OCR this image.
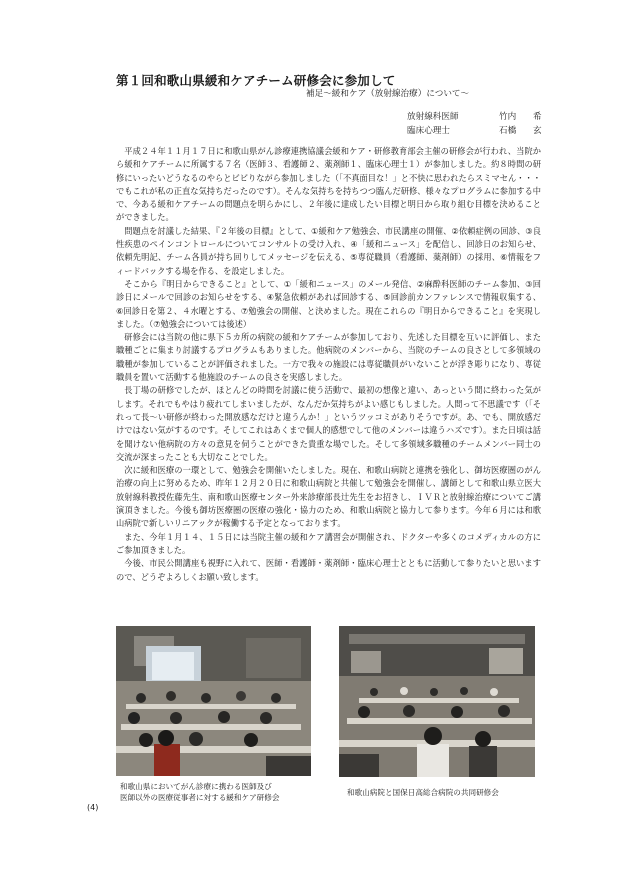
第１回和歌山県緩和ケアチーム研修会に参加して
補足～緩和ケア（放射線治療）について～
放射線科医師	竹内 希
臨床心理士	石橋 玄

平成２４年１１月１７日に和歌山県がん診療連携協議会緩和ケア・研修教育部会主催の研修会が行われ、当院から緩和ケアチームに所属する７名（医師３、看護師２、薬剤師１、臨床心理士１）が参加しました。約８時間の研修にいったいどうなるのやらとビビりながら参加しました（「不真面目な！」と不快に思われたらスミマセん・・・でもこれが私の正直な気持ちだったのです）。そんな気持ちを持ちつつ臨んだ研修、様々なプログラムに参加する中で、今ある緩和ケアチームの問題点を明らかにし、２年後に達成したい目標と明日から取り組む目標を決めることができました。

問題点を討議した結果、『２年後の目標』として、①緩和ケア勉強会、市民講座の開催、②依頼症例の回診、③良性疾患のペインコントロールについてコンサルトの受け入れ、④「緩和ニュース」を配信し、回診日のお知らせ、依頼先明記、チーム各員が持ち回りしてメッセージを伝える、⑤専従職員（看護師、薬剤師）の採用、⑥情報をフィードバックする場を作る、を設定しました。

そこから『明日からできること』として、①「緩和ニュース」のメール発信、②麻酔科医師のチーム参加、③回診日にメールで回診のお知らせをする、④緊急依頼があれば回診する、⑤回診前カンファレンスで情報収集する、⑥回診日を第２、４水曜とする、⑦勉強会の開催、と決めました。現在これらの『明日からできること』を実現しました。（⑦勉強会については後述）

研修会には当院の他に県下５カ所の病院の緩和ケアチームが参加しており、先述した目標を互いに評価し、また職種ごとに集まり討議するプログラムもありました。他病院のメンバーから、当院のチームの良さとして多領域の職種が参加していることが評価されました。一方で我々の施設には専従職員がいないことが浮き彫りになり、専従職員を置いて活動する他施設のチームの良さを実感しました。

長丁場の研修でしたが、ほとんどの時間を討議に使う活動で、最初の想像と違い、あっという間に終わった気がします。それでもやはり疲れてしまいましたが、なんだか気持ちがよい感じもしました。人間って不思議です（「それって長～い研修が終わった開放感なだけと違うんか！」というツッコミがありそうですが。あ、でも、開放感だけではない気がするのです。そしてこれはあくまで個人的感想でして他のメンバーは違うハズです）。また日頃は話を聞けない他病院の方々の意見を伺うことができた貴重な場でした。そして多領域多職種のチームメンバー同士の交流が深まったことも大切なことでした。

次に緩和医療の一環として、勉強会を開催いたしました。現在、和歌山病院と連携を強化し、御坊医療圏のがん治療の向上に努めるため、昨年１２月２０日に和歌山病院と共催して勉強会を開催し、講師として和歌山県立医大放射線科教授佐藤先生、南和歌山医療センター外来診療部長辻先生をお招きし、ＩＶＲと放射線治療についてご講演頂きました。今後も御坊医療圏の医療の強化・協力のため、和歌山病院と協力して参ります。今年６月には和歌山病院で新しいリニアックが稼働する予定となっております。

また、今年１月１４、１５日には当院主催の緩和ケア講習会が開催され、ドクターや多くのコメディカルの方にご参加頂きました。

今後、市民公開講座も視野に入れて、医師・看護師・薬剤師・臨床心理士とともに活動して参りたいと思いますので、どうぞよろしくお願い致します。

和歌山県においてがん診療に携わる医師及び
医師以外の医療従事者に対する緩和ケア研修会
和歌山病院と国保日高総合病院の共同研修会
(4)
